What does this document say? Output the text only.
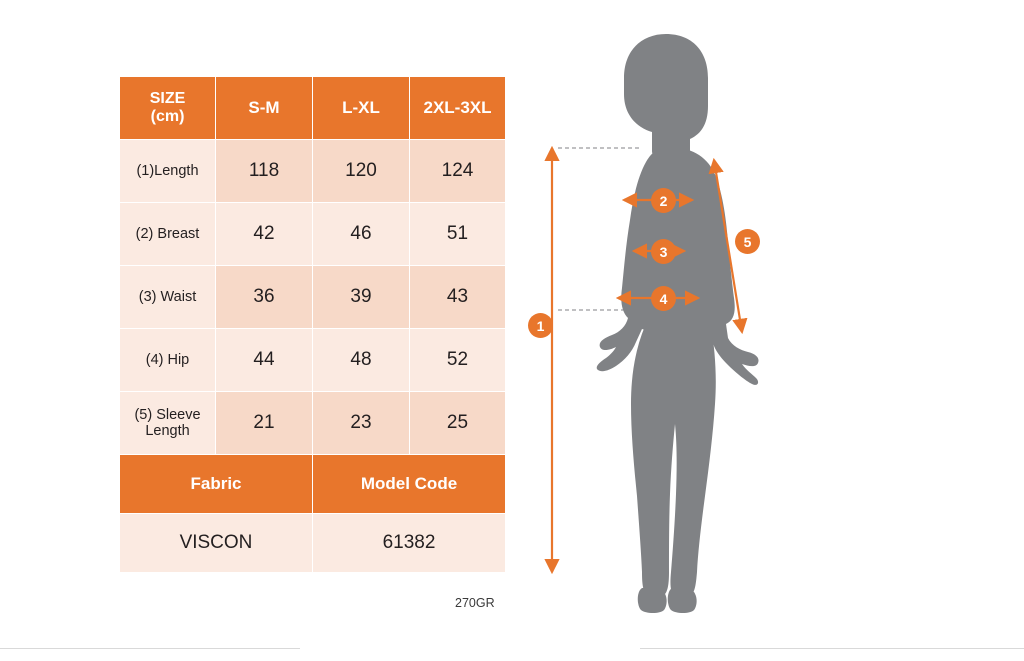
SIZE
(cm)	S-M	L-XL	2XL-3XL
(1)Length	118	120	124
(2) Breast	42	46	51
(3) Waist	36	39	43
(4) Hip	44	48	52
(5) Sleeve Length	21	23	25
Fabric		Model Code	
VISCON		61382	
270GR
1
2
3
4
5
